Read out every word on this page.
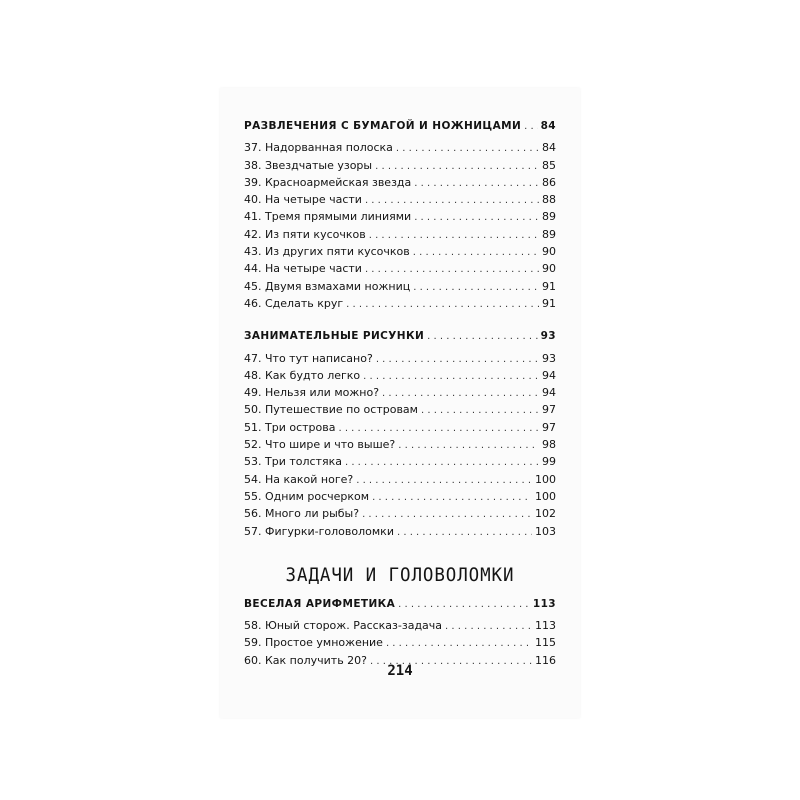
РАЗВЛЕЧЕНИЯ С БУМАГОЙ И НОЖНИЦАМИ . . . 84
37. Надорванная полоска . . .	84
38. Звездчатые узоры . . .	85
39. Красноармейская звезда . . .	86
40. На четыре части . . .	88
41. Тремя прямыми линиями . . .	89
42. Из пяти кусочков . . .	89
43. Из других пяти кусочков . . .	90
44. На четыре части . . .	90
45. Двумя взмахами ножниц . . .	91
46. Сделать круг . . .	91
ЗАНИМАТЕЛЬНЫЕ РИСУНКИ . . .	93
47. Что тут написано? . . .	93
48. Как будто легко . . .	94
49. Нельзя или можно? . . .	94
50. Путешествие по островам . . .	97
51. Три острова . . .	97
52. Что шире и что выше? . . .	98
53. Три толстяка . . .	99
54. На какой ноге? . . .	100
55. Одним росчерком . . .	100
56. Много ли рыбы? . . .	102
57. Фигурки-головоломки . . .	103
ЗАДАЧИ И ГОЛОВОЛОМКИ
ВЕСЕЛАЯ АРИФМЕТИКА . . .	113
58. Юный сторож. Рассказ-задача . . .	113
59. Простое умножение . . .	115
60. Как получить 20? . . .	116
214
